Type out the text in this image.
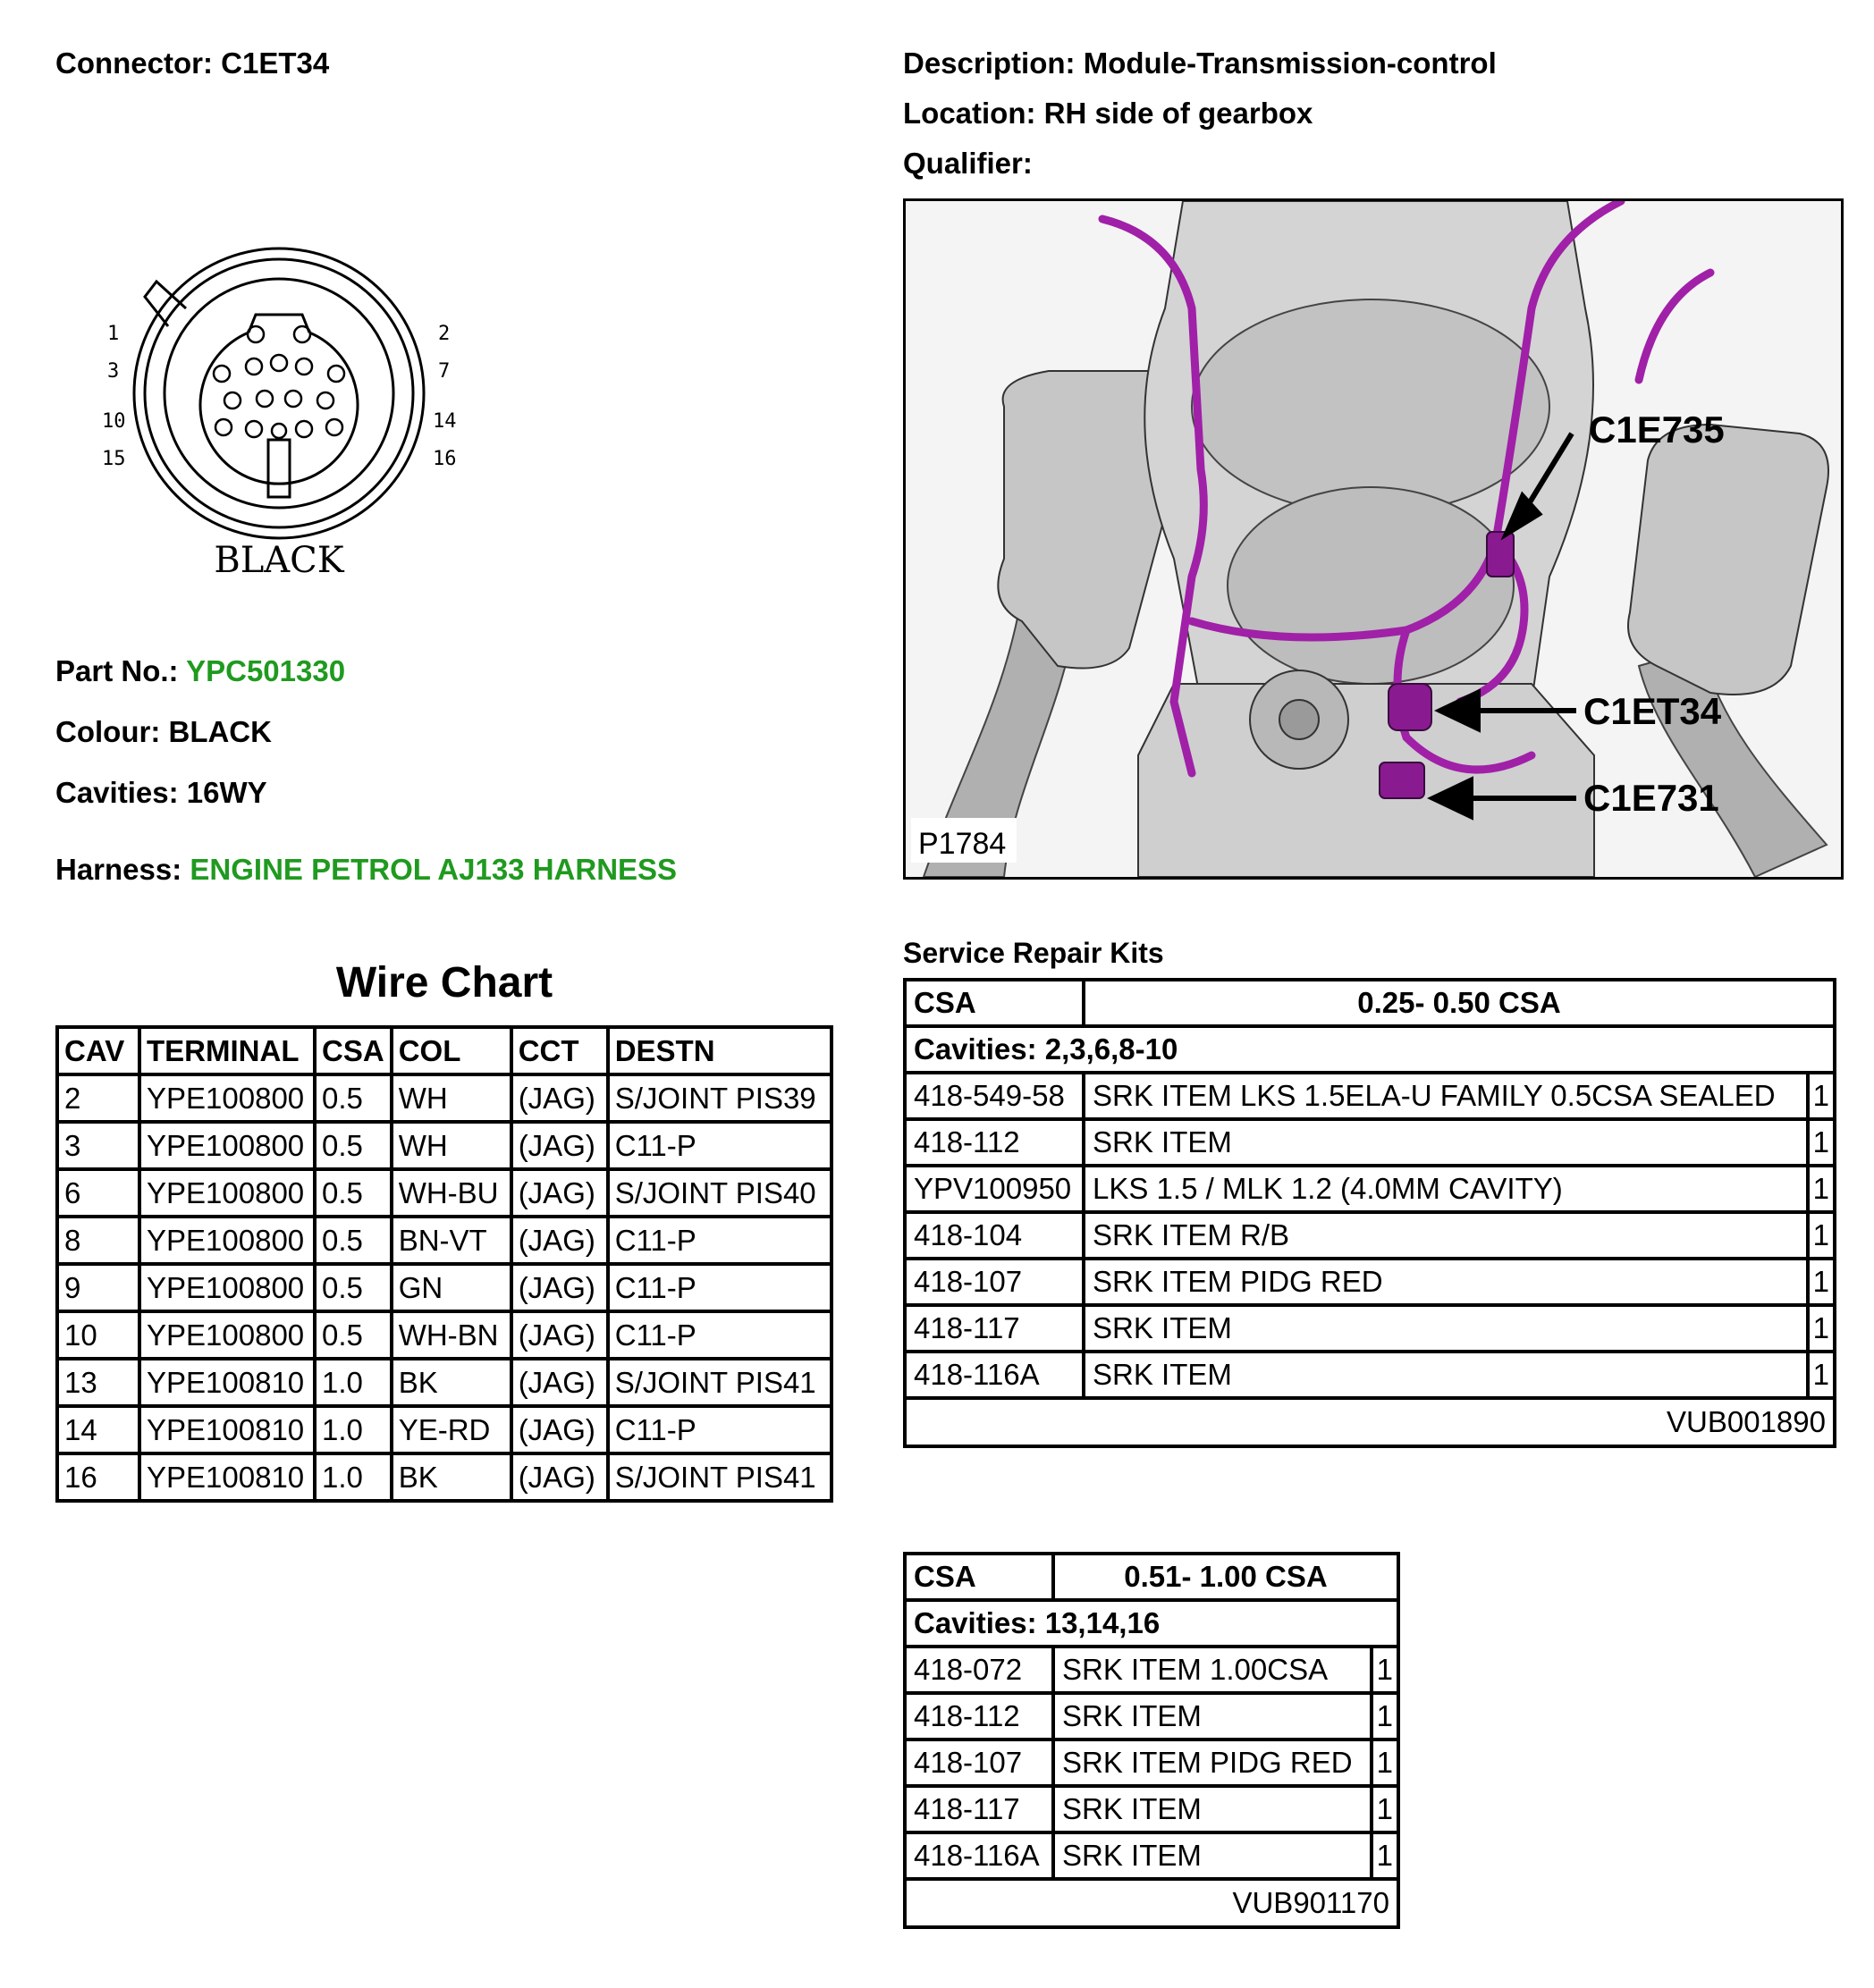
Connector: C1ET34	Description: Module-Transmission-control
Location: RH side of gearbox
Qualifier:
1	2
3	7
10	14
15	16
BLACK
Part No.: YPC501330
Colour: BLACK
Cavities: 16WY
Harness: ENGINE PETROL AJ133 HARNESS
C1E735
C1ET34
C1E731
P1784
Wire Chart
CAV	TERMINAL	CSA	COL	CCT	DESTN
2	YPE100800	0.5	WH	(JAG)	S/JOINT PIS39
3	YPE100800	0.5	WH	(JAG)	C11-P
6	YPE100800	0.5	WH-BU	(JAG)	S/JOINT PIS40
8	YPE100800	0.5	BN-VT	(JAG)	C11-P
9	YPE100800	0.5	GN	(JAG)	C11-P
10	YPE100800	0.5	WH-BN	(JAG)	C11-P
13	YPE100810	1.0	BK	(JAG)	S/JOINT PIS41
14	YPE100810	1.0	YE-RD	(JAG)	C11-P
16	YPE100810	1.0	BK	(JAG)	S/JOINT PIS41
Service Repair Kits
CSA	0.25- 0.50 CSA	
Cavities: 2,3,6,8-10		
418-549-58	SRK ITEM LKS 1.5ELA-U FAMILY 0.5CSA SEALED	1
418-112	SRK ITEM	1
YPV100950	LKS 1.5 / MLK 1.2 (4.0MM CAVITY)	1
418-104	SRK ITEM R/B	1
418-107	SRK ITEM PIDG RED	1
418-117	SRK ITEM	1
418-116A	SRK ITEM	1
VUB001890		
CSA	0.51- 1.00 CSA	
Cavities: 13,14,16		
418-072	SRK ITEM 1.00CSA	1
418-112	SRK ITEM	1
418-107	SRK ITEM PIDG RED	1
418-117	SRK ITEM	1
418-116A	SRK ITEM	1
VUB901170		
